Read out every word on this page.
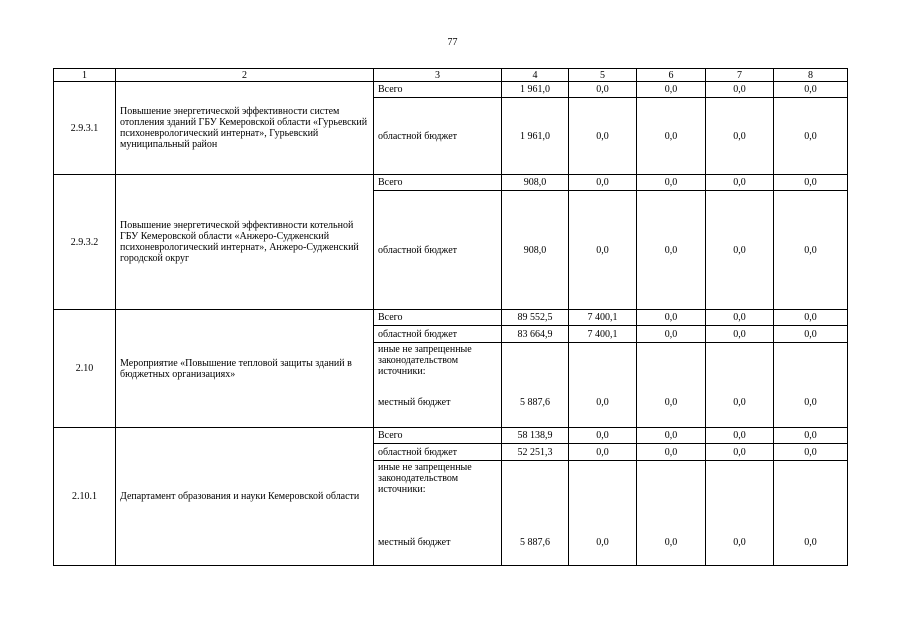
77
1	2	3	4	5	6	7	8
2.9.3.1	Повышение энергетической эффективности систем отопления зданий ГБУ Кемеровской области «Гурьевский психоневрологический интернат», Гурьевский муниципальный район	Всего	1 961,0	0,0	0,0	0,0	0,0
		областной бюджет	1 961,0	0,0	0,0	0,0	0,0
2.9.3.2	Повышение энергетической эффективности котельной ГБУ Кемеровской области «Анжеро-Судженский психоневрологический интернат», Анжеро-Судженский городской округ	Всего	908,0	0,0	0,0	0,0	0,0
		областной бюджет	908,0	0,0	0,0	0,0	0,0
2.10	Мероприятие «Повышение тепловой защиты зданий в бюджетных организациях»	Всего	89 552,5	7 400,1	0,0	0,0	0,0
		областной бюджет	83 664,9	7 400,1	0,0	0,0	0,0
		иные не запрещенные законодательством источники:					
		местный бюджет	5 887,6	0,0	0,0	0,0	0,0
2.10.1	Департамент образования и науки Кемеровской области	Всего	58 138,9	0,0	0,0	0,0	0,0
		областной бюджет	52 251,3	0,0	0,0	0,0	0,0
		иные не запрещенные законодательством источники:					
		местный бюджет	5 887,6	0,0	0,0	0,0	0,0
